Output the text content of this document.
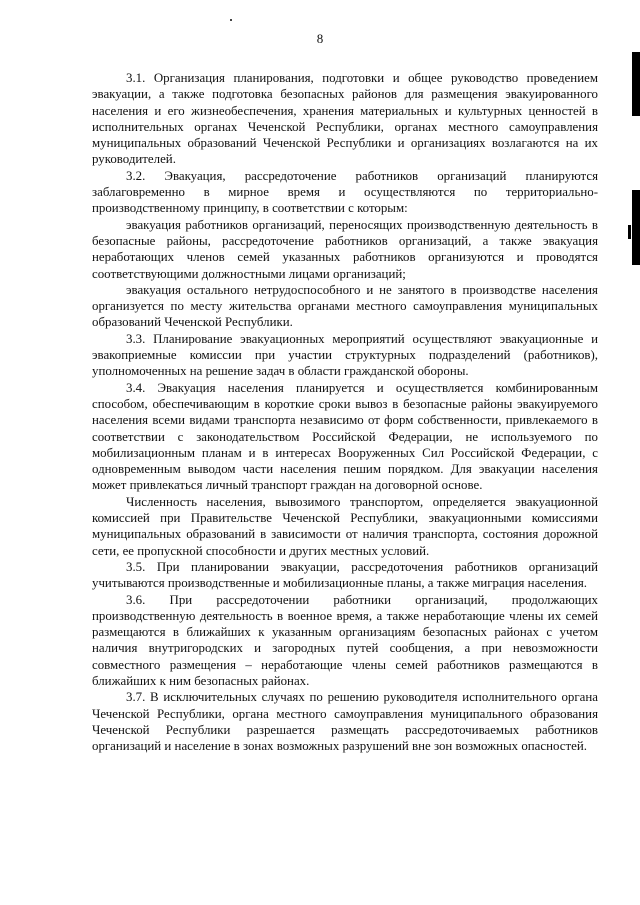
8

3.1. Организация планирования, подготовки и общее руководство проведением эвакуации, а также подготовка безопасных районов для размещения эвакуированного населения и его жизнеобеспечения, хранения материальных и культурных ценностей в исполнительных органах Чеченской Республики, органах местного самоуправления муниципальных образований Чеченской Республики и организациях возлагаются на их руководителей.

3.2. Эвакуация, рассредоточение работников организаций планируются заблаговременно в мирное время и осуществляются по территориально-производственному принципу, в соответствии с которым:

эвакуация работников организаций, переносящих производственную деятельность в безопасные районы, рассредоточение работников организаций, а также эвакуация неработающих членов семей указанных работников организуются и проводятся соответствующими должностными лицами организаций;

эвакуация остального нетрудоспособного и не занятого в производстве населения организуется по месту жительства органами местного самоуправления муниципальных образований Чеченской Республики.

3.3. Планирование эвакуационных мероприятий осуществляют эвакуационные и эвакоприемные комиссии при участии структурных подразделений (работников), уполномоченных на решение задач в области гражданской обороны.

3.4. Эвакуация населения планируется и осуществляется комбинированным способом, обеспечивающим в короткие сроки вывоз в безопасные районы эвакуируемого населения всеми видами транспорта независимо от форм собственности, привлекаемого в соответствии с законодательством Российской Федерации, не используемого по мобилизационным планам и в интересах Вооруженных Сил Российской Федерации, с одновременным выводом части населения пешим порядком. Для эвакуации населения может привлекаться личный транспорт граждан на договорной основе.

Численность населения, вывозимого транспортом, определяется эвакуационной комиссией при Правительстве Чеченской Республики, эвакуационными комиссиями муниципальных образований в зависимости от наличия транспорта, состояния дорожной сети, ее пропускной способности и других местных условий.

3.5. При планировании эвакуации, рассредоточения работников организаций учитываются производственные и мобилизационные планы, а также миграция населения.

3.6. При рассредоточении работники организаций, продолжающих производственную деятельность в военное время, а также неработающие члены их семей размещаются в ближайших к указанным организациям безопасных районах с учетом наличия внутригородских и загородных путей сообщения, а при невозможности совместного размещения – неработающие члены семей работников размещаются в ближайших к ним безопасных районах.

3.7. В исключительных случаях по решению руководителя исполнительного органа Чеченской Республики, органа местного самоуправления муниципального образования Чеченской Республики разрешается размещать рассредоточиваемых работников организаций и население в зонах возможных разрушений вне зон возможных опасностей.
